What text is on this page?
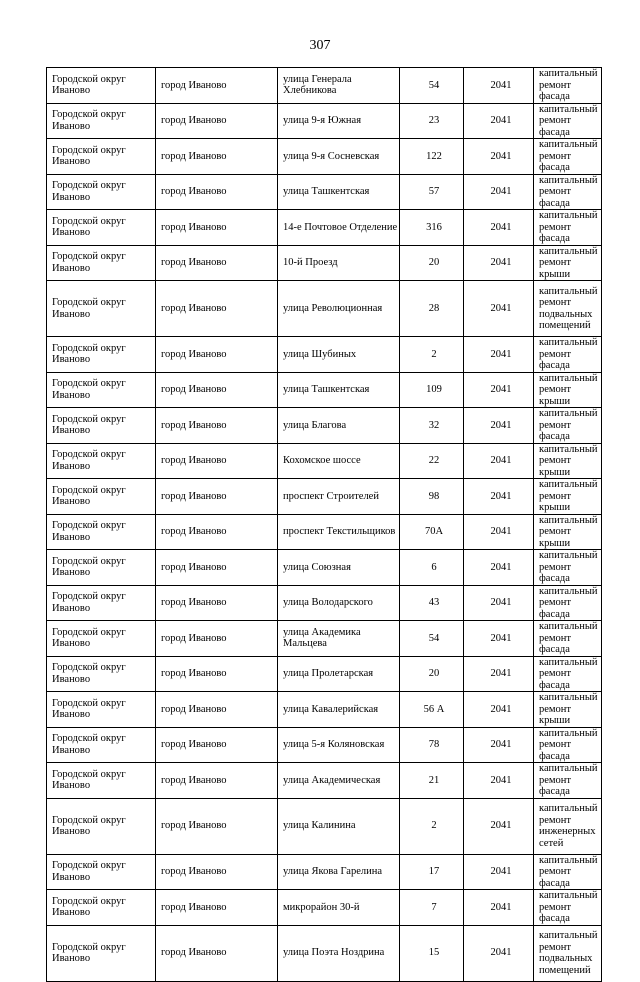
307
Городской округ Иваново	город Иваново	улица Генерала Хлебникова	54	2041	капитальный ремонт фасада
Городской округ Иваново	город Иваново	улица 9-я Южная	23	2041	капитальный ремонт фасада
Городской округ Иваново	город Иваново	улица 9-я Сосневская	122	2041	капитальный ремонт фасада
Городской округ Иваново	город Иваново	улица Ташкентская	57	2041	капитальный ремонт фасада
Городской округ Иваново	город Иваново	14-е Почтовое Отделение	316	2041	капитальный ремонт фасада
Городской округ Иваново	город Иваново	10-й Проезд	20	2041	капитальный ремонт крыши
Городской округ Иваново	город Иваново	улица Революционная	28	2041	капитальный ремонт подвальных помещений
Городской округ Иваново	город Иваново	улица Шубиных	2	2041	капитальный ремонт фасада
Городской округ Иваново	город Иваново	улица Ташкентская	109	2041	капитальный ремонт крыши
Городской округ Иваново	город Иваново	улица Благова	32	2041	капитальный ремонт фасада
Городской округ Иваново	город Иваново	Кохомское шоссе	22	2041	капитальный ремонт крыши
Городской округ Иваново	город Иваново	проспект Строителей	98	2041	капитальный ремонт крыши
Городской округ Иваново	город Иваново	проспект Текстильщиков	70А	2041	капитальный ремонт крыши
Городской округ Иваново	город Иваново	улица Союзная	6	2041	капитальный ремонт фасада
Городской округ Иваново	город Иваново	улица Володарского	43	2041	капитальный ремонт фасада
Городской округ Иваново	город Иваново	улица Академика Мальцева	54	2041	капитальный ремонт фасада
Городской округ Иваново	город Иваново	улица Пролетарская	20	2041	капитальный ремонт фасада
Городской округ Иваново	город Иваново	улица Кавалерийская	56 А	2041	капитальный ремонт крыши
Городской округ Иваново	город Иваново	улица 5-я Коляновская	78	2041	капитальный ремонт фасада
Городской округ Иваново	город Иваново	улица Академическая	21	2041	капитальный ремонт фасада
Городской округ Иваново	город Иваново	улица Калинина	2	2041	капитальный ремонт инженерных сетей
Городской округ Иваново	город Иваново	улица Якова Гарелина	17	2041	капитальный ремонт фасада
Городской округ Иваново	город Иваново	микрорайон 30-й	7	2041	капитальный ремонт фасада
Городской округ Иваново	город Иваново	улица Поэта Ноздрина	15	2041	капитальный ремонт подвальных помещений
